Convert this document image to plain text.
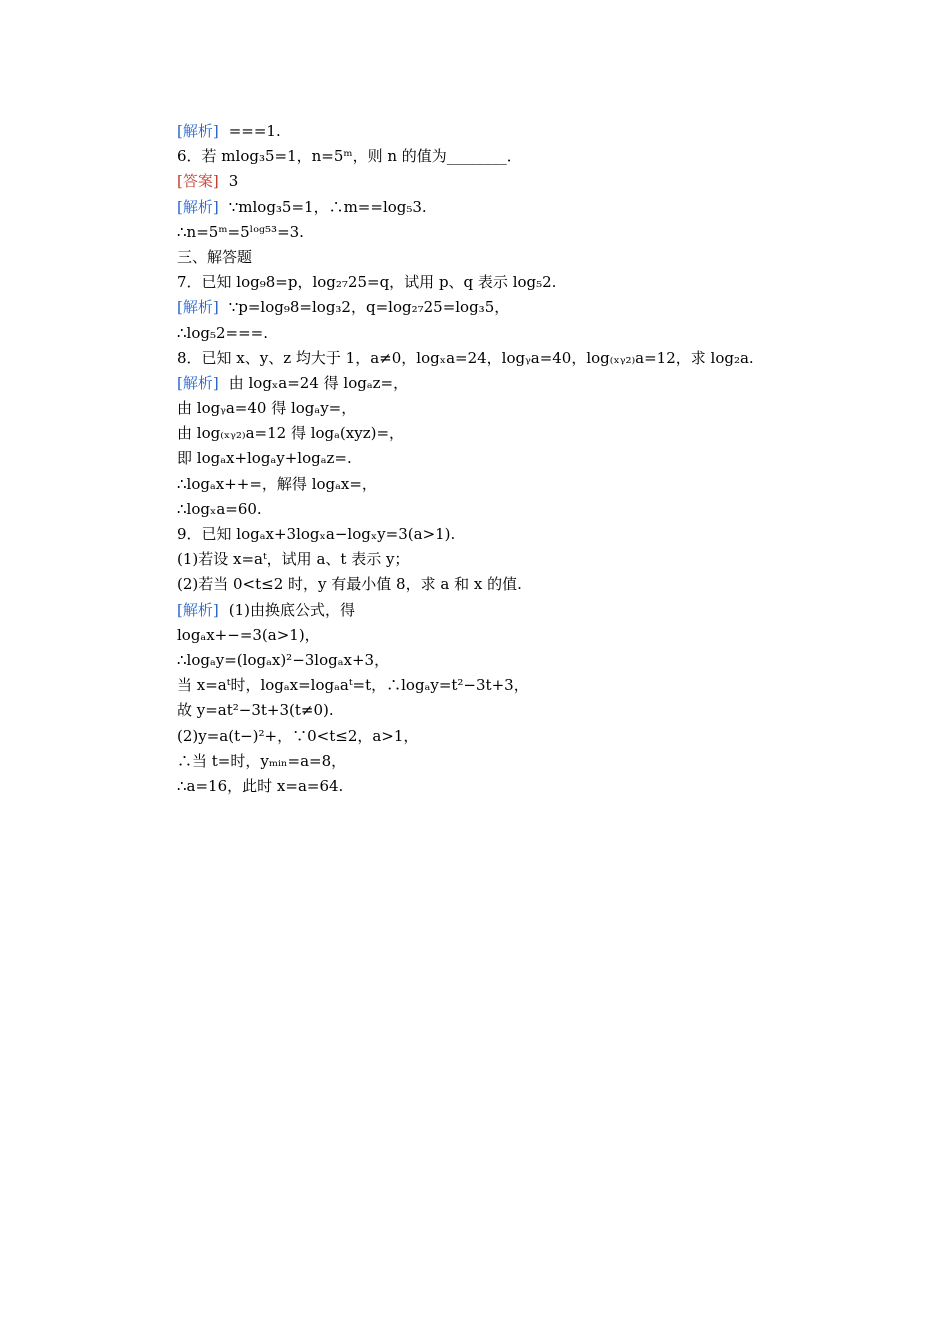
[解析] ===1.
6．若 mlog₃5=1，n=5ᵐ，则 n 的值为________．
[答案] 3
[解析] ∵mlog₃5=1，∴m==log₅3.
∴n=5ᵐ=5ˡᵒᵍ⁵³=3.
三、解答题
7．已知 log₉8=p，log₂₇25=q，试用 p、q 表示 log₅2.
[解析] ∵p=log₉8=log₃2，q=log₂₇25=log₃5，
∴log₅2===.
8．已知 x、y、z 均大于 1，a≠0，logₓa=24，logᵧa=40，log₍ₓᵧ₂₎a=12，求 log₂a.
[解析] 由 logₓa=24 得 logₐz=，
由 logᵧa=40 得 logₐy=，
由 log₍ₓᵧ₂₎a=12 得 logₐ(xyz)=，
即 logₐx+logₐy+logₐz=.
∴logₐx++=，解得 logₐx=，
∴logₓa=60.
9．已知 logₐx+3logₓa−logₓy=3(a>1).
(1)若设 x=aᵗ，试用 a、t 表示 y；
(2)若当 0<t≤2 时，y 有最小值 8，求 a 和 x 的值.
[解析] (1)由换底公式，得
logₐx+−=3(a>1)，
∴logₐy=(logₐx)²−3logₐx+3，
当 x=aᵗ时，logₐx=logₐaᵗ=t，∴logₐy=t²−3t+3，
故 y=at²−3t+3(t≠0).
(2)y=a(t−)²+，∵0<t≤2，a>1，
∴当 t=时，yₘᵢₙ=a=8，
∴a=16，此时 x=a=64.
